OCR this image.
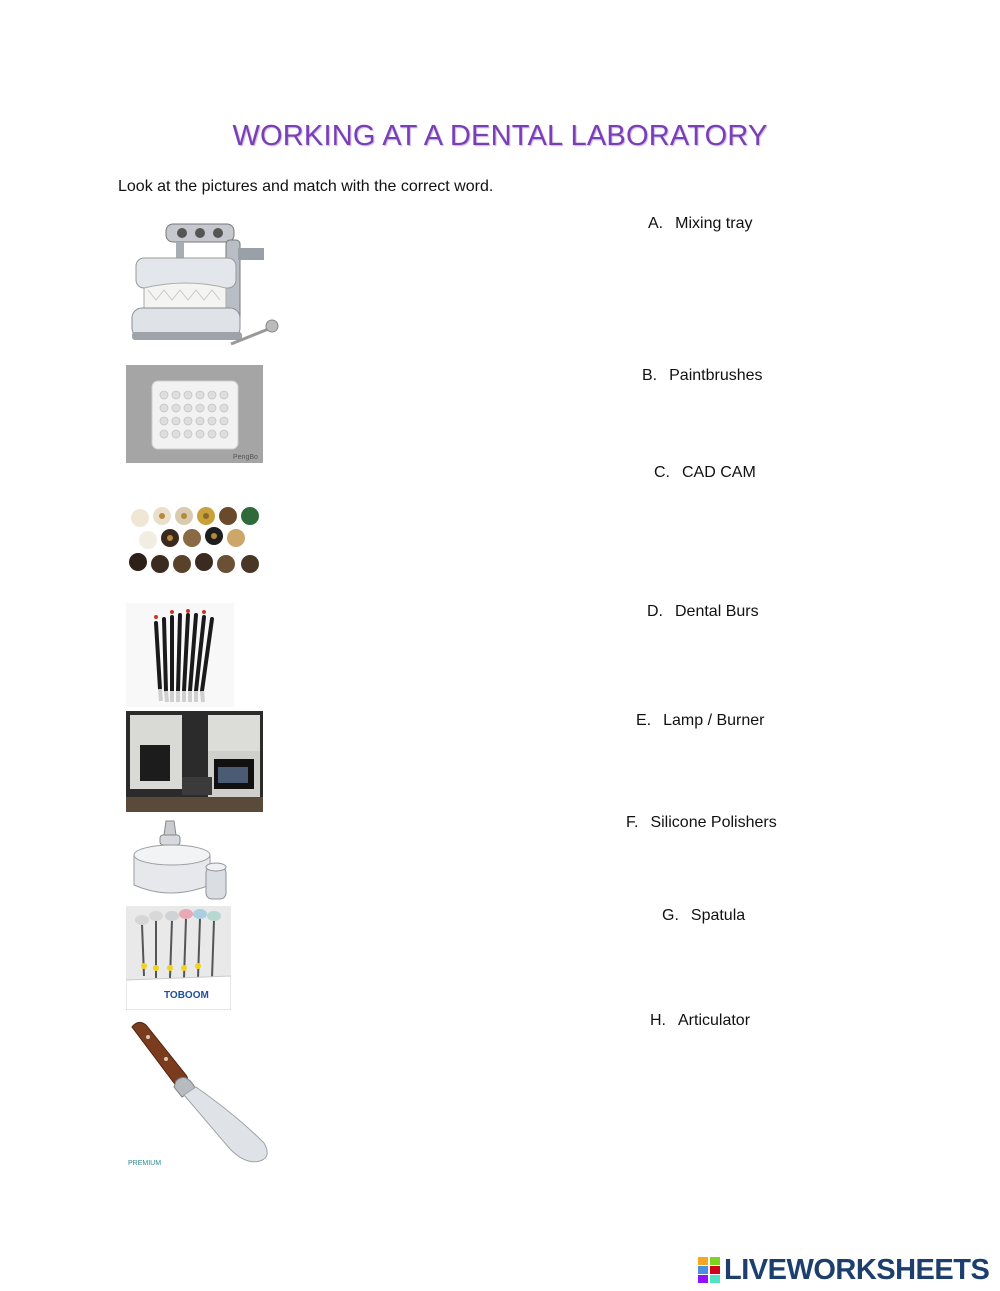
WORKING AT A DENTAL LABORATORY
Look at the pictures and match with the correct word.
A. Mixing tray
B. Paintbrushes
C. CAD CAM
D. Dental Burs
E. Lamp / Burner
F. Silicone Polishers
G. Spatula
H. Articulator
PengBo
TOBOOM
PREMIUM
LIVEWORKSHEETS
